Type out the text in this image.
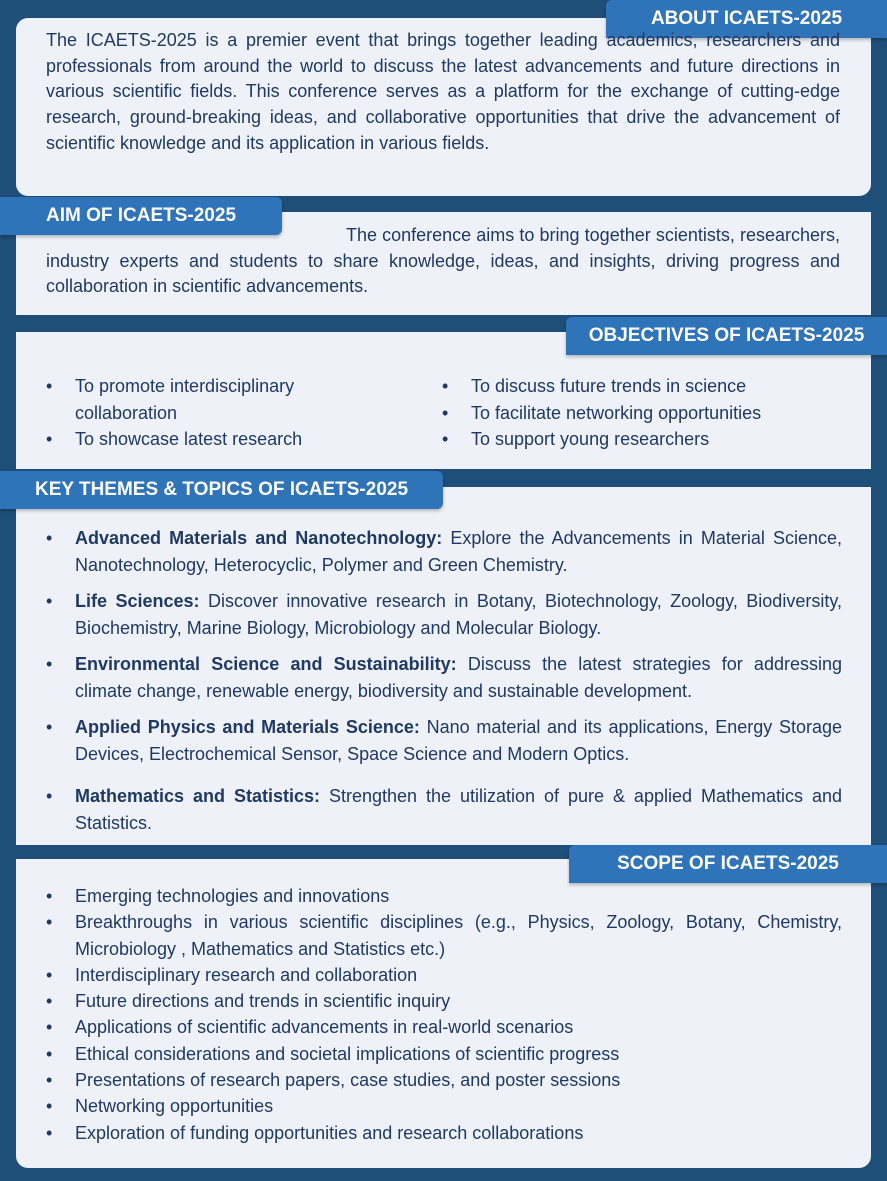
ABOUT ICAETS-2025
The ICAETS-2025 is a premier event that brings together leading academics, researchers and professionals from around the world to discuss the latest advancements and future directions in various scientific fields. This conference serves as a platform for the exchange of cutting-edge research, ground-breaking ideas, and collaborative opportunities that drive the advancement of scientific knowledge and its application in various fields.
AIM OF ICAETS-2025
The conference aims to bring together scientists, researchers, industry experts and students to share knowledge, ideas, and insights, driving progress and collaboration in scientific advancements.
OBJECTIVES OF ICAETS-2025
• To promote interdisciplinary collaboration
• To showcase latest research
• To discuss future trends in science
• To facilitate networking opportunities
• To support young researchers
KEY THEMES & TOPICS OF ICAETS-2025
• Advanced Materials and Nanotechnology: Explore the Advancements in Material Science, Nanotechnology, Heterocyclic, Polymer and Green Chemistry.
• Life Sciences: Discover innovative research in Botany, Biotechnology, Zoology, Biodiversity, Biochemistry, Marine Biology, Microbiology and Molecular Biology.
• Environmental Science and Sustainability: Discuss the latest strategies for addressing climate change, renewable energy, biodiversity and sustainable development.
• Applied Physics and Materials Science: Nano material and its applications, Energy Storage Devices, Electrochemical Sensor, Space Science and Modern Optics.
• Mathematics and Statistics: Strengthen the utilization of pure & applied Mathematics and Statistics.
SCOPE OF ICAETS-2025
• Emerging technologies and innovations
• Breakthroughs in various scientific disciplines (e.g., Physics, Zoology, Botany, Chemistry, Microbiology , Mathematics and Statistics etc.)
• Interdisciplinary research and collaboration
• Future directions and trends in scientific inquiry
• Applications of scientific advancements in real-world scenarios
• Ethical considerations and societal implications of scientific progress
• Presentations of research papers, case studies, and poster sessions
• Networking opportunities
• Exploration of funding opportunities and research collaborations
